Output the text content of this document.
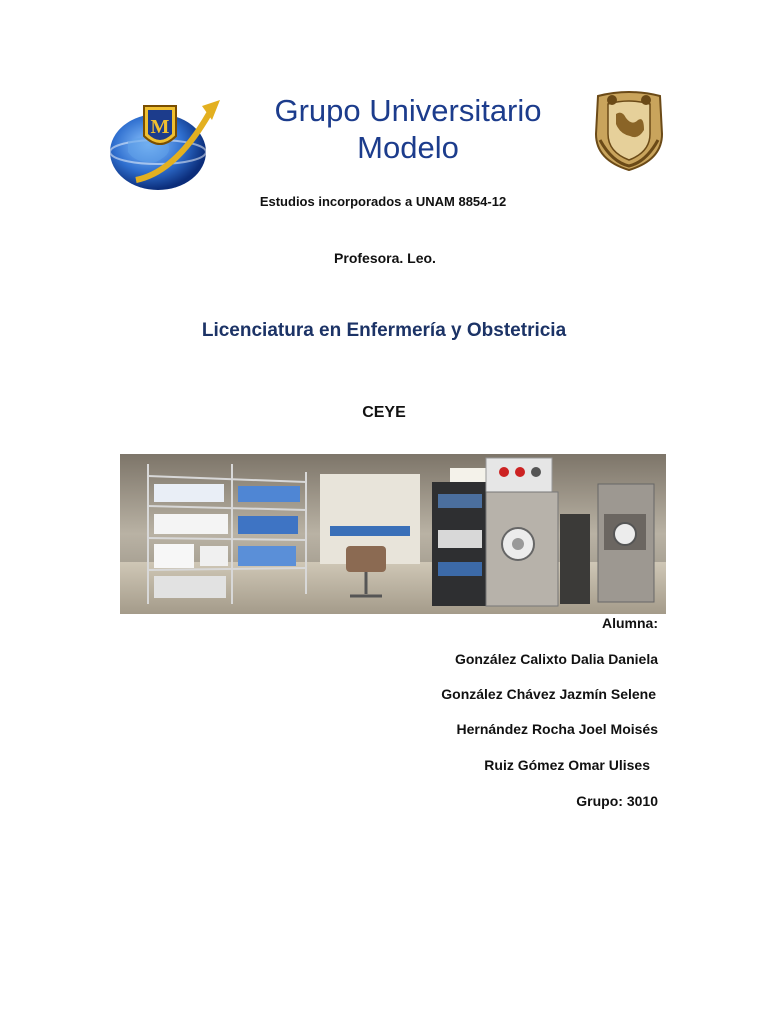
M	Grupo Universitario
Modelo
Estudios incorporados a UNAM 8854-12
Profesora. Leo.
Licenciatura en Enfermería y Obstetricia
CEYE
Alumna:
González Calixto Dalia Daniela
González Chávez Jazmín Selene
Hernández Rocha Joel Moisés
Ruiz Gómez Omar Ulises
Grupo: 3010
